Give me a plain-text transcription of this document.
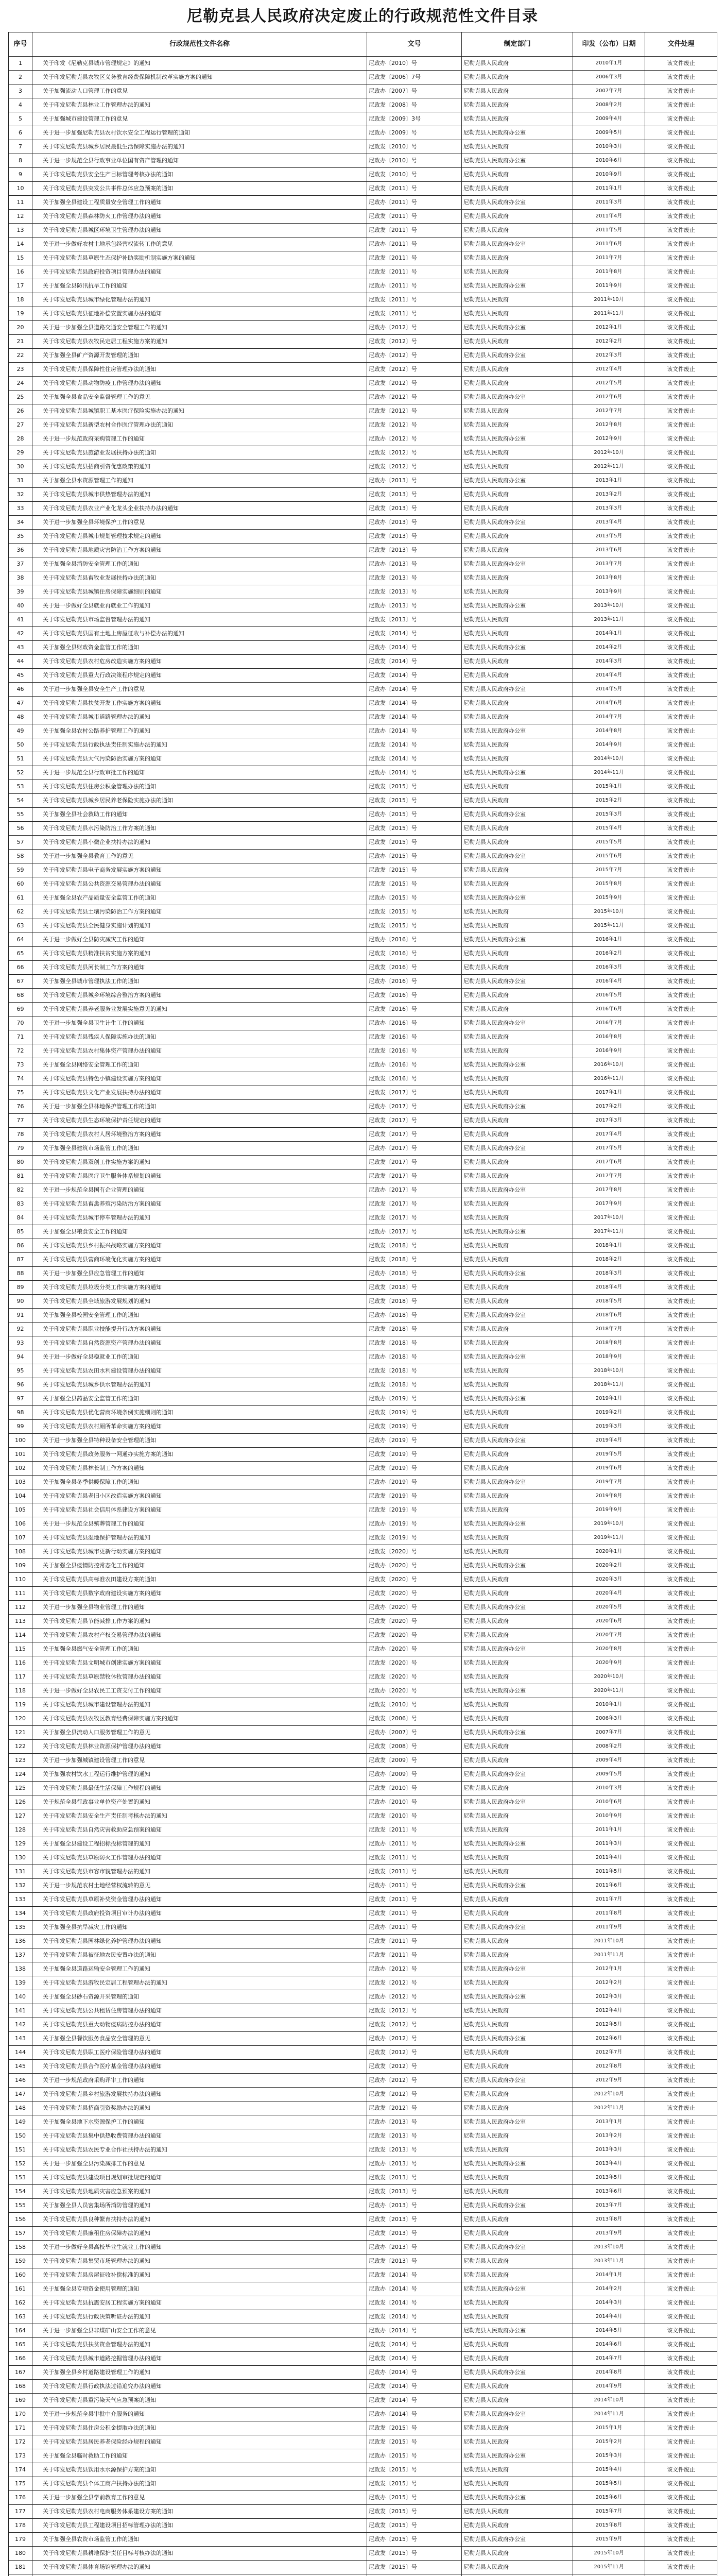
尼勒克县人民政府决定废止的行政规范性文件目录
序号	行政规范性文件名称	文号	制定部门	印发（公布）日期	文件处理
1	关于印发《尼勒克县城市管理规定》的通知	尼政办〔2010〕号	尼勒克县人民政府	2010年1月	该文件废止
2	关于印发尼勒克县农牧区义务教育经费保障机制改革实施方案的通知	尼政发〔2006〕7号	尼勒克县人民政府	2006年3月	该文件废止
3	关于加强流动人口管理工作的意见	尼政办〔2007〕号	尼勒克县人民政府	2007年7月	该文件废止
4	关于印发尼勒克县林业工作管理办法的通知	尼政发〔2008〕号	尼勒克县人民政府	2008年2月	该文件废止
5	关于加强城市建设管理工作的意见	尼政发〔2009〕3号	尼勒克县人民政府	2009年4月	该文件废止
6	关于进一步加强尼勒克县农村饮水安全工程运行管理的通知	尼政办〔2009〕号	尼勒克县人民政府办公室	2009年5月	该文件废止
7	关于印发尼勒克县城乡居民最低生活保障实施办法的通知	尼政发〔2010〕号	尼勒克县人民政府	2010年3月	该文件废止
8	关于进一步规范全县行政事业单位国有资产管理的通知	尼政办〔2010〕号	尼勒克县人民政府办公室	2010年6月	该文件废止
9	关于印发尼勒克县安全生产目标管理考核办法的通知	尼政发〔2010〕号	尼勒克县人民政府	2010年9月	该文件废止
10	关于印发尼勒克县突发公共事件总体应急预案的通知	尼政发〔2011〕号	尼勒克县人民政府	2011年1月	该文件废止
11	关于加强全县建设工程质量安全管理工作的通知	尼政办〔2011〕号	尼勒克县人民政府办公室	2011年3月	该文件废止
12	关于印发尼勒克县森林防火工作管理办法的通知	尼政发〔2011〕号	尼勒克县人民政府	2011年4月	该文件废止
13	关于印发尼勒克县城区环境卫生管理办法的通知	尼政发〔2011〕号	尼勒克县人民政府	2011年5月	该文件废止
14	关于进一步做好农村土地承包经营权流转工作的意见	尼政办〔2011〕号	尼勒克县人民政府办公室	2011年6月	该文件废止
15	关于印发尼勒克县草原生态保护补助奖励机制实施方案的通知	尼政发〔2011〕号	尼勒克县人民政府	2011年7月	该文件废止
16	关于印发尼勒克县政府投资项目管理办法的通知	尼政发〔2011〕号	尼勒克县人民政府	2011年8月	该文件废止
17	关于加强全县防汛抗旱工作的通知	尼政办〔2011〕号	尼勒克县人民政府办公室	2011年9月	该文件废止
18	关于印发尼勒克县城市绿化管理办法的通知	尼政发〔2011〕号	尼勒克县人民政府	2011年10月	该文件废止
19	关于印发尼勒克县征地补偿安置实施办法的通知	尼政发〔2011〕号	尼勒克县人民政府	2011年11月	该文件废止
20	关于进一步加强全县道路交通安全管理工作的通知	尼政办〔2012〕号	尼勒克县人民政府办公室	2012年1月	该文件废止
21	关于印发尼勒克县农牧民定居工程实施方案的通知	尼政发〔2012〕号	尼勒克县人民政府	2012年2月	该文件废止
22	关于加强全县矿产资源开发管理的通知	尼政办〔2012〕号	尼勒克县人民政府办公室	2012年3月	该文件废止
23	关于印发尼勒克县保障性住房管理办法的通知	尼政发〔2012〕号	尼勒克县人民政府	2012年4月	该文件废止
24	关于印发尼勒克县动物防疫工作管理办法的通知	尼政发〔2012〕号	尼勒克县人民政府	2012年5月	该文件废止
25	关于加强全县食品安全监督管理工作的意见	尼政办〔2012〕号	尼勒克县人民政府办公室	2012年6月	该文件废止
26	关于印发尼勒克县城镇职工基本医疗保险实施办法的通知	尼政发〔2012〕号	尼勒克县人民政府	2012年7月	该文件废止
27	关于印发尼勒克县新型农村合作医疗管理办法的通知	尼政发〔2012〕号	尼勒克县人民政府	2012年8月	该文件废止
28	关于进一步规范政府采购管理工作的通知	尼政办〔2012〕号	尼勒克县人民政府办公室	2012年9月	该文件废止
29	关于印发尼勒克县旅游业发展扶持办法的通知	尼政发〔2012〕号	尼勒克县人民政府	2012年10月	该文件废止
30	关于印发尼勒克县招商引资优惠政策的通知	尼政发〔2012〕号	尼勒克县人民政府	2012年11月	该文件废止
31	关于加强全县水资源管理工作的通知	尼政办〔2013〕号	尼勒克县人民政府办公室	2013年1月	该文件废止
32	关于印发尼勒克县城市供热管理办法的通知	尼政发〔2013〕号	尼勒克县人民政府	2013年2月	该文件废止
33	关于印发尼勒克县农业产业化龙头企业扶持办法的通知	尼政发〔2013〕号	尼勒克县人民政府	2013年3月	该文件废止
34	关于进一步加强全县环境保护工作的意见	尼政办〔2013〕号	尼勒克县人民政府办公室	2013年4月	该文件废止
35	关于印发尼勒克县城市规划管理技术规定的通知	尼政发〔2013〕号	尼勒克县人民政府	2013年5月	该文件废止
36	关于印发尼勒克县地质灾害防治工作方案的通知	尼政发〔2013〕号	尼勒克县人民政府	2013年6月	该文件废止
37	关于加强全县消防安全管理工作的通知	尼政办〔2013〕号	尼勒克县人民政府办公室	2013年7月	该文件废止
38	关于印发尼勒克县畜牧业发展扶持办法的通知	尼政发〔2013〕号	尼勒克县人民政府	2013年8月	该文件废止
39	关于印发尼勒克县城镇住房保障实施细则的通知	尼政发〔2013〕号	尼勒克县人民政府	2013年9月	该文件废止
40	关于进一步做好全县就业再就业工作的通知	尼政办〔2013〕号	尼勒克县人民政府办公室	2013年10月	该文件废止
41	关于印发尼勒克县市场监督管理办法的通知	尼政发〔2013〕号	尼勒克县人民政府	2013年11月	该文件废止
42	关于印发尼勒克县国有土地上房屋征收与补偿办法的通知	尼政发〔2014〕号	尼勒克县人民政府	2014年1月	该文件废止
43	关于加强全县财政资金监管工作的通知	尼政办〔2014〕号	尼勒克县人民政府办公室	2014年2月	该文件废止
44	关于印发尼勒克县农村危房改造实施方案的通知	尼政发〔2014〕号	尼勒克县人民政府	2014年3月	该文件废止
45	关于印发尼勒克县重大行政决策程序规定的通知	尼政发〔2014〕号	尼勒克县人民政府	2014年4月	该文件废止
46	关于进一步加强全县安全生产工作的意见	尼政办〔2014〕号	尼勒克县人民政府办公室	2014年5月	该文件废止
47	关于印发尼勒克县扶贫开发工作实施方案的通知	尼政发〔2014〕号	尼勒克县人民政府	2014年6月	该文件废止
48	关于印发尼勒克县城市道路管理办法的通知	尼政发〔2014〕号	尼勒克县人民政府	2014年7月	该文件废止
49	关于加强全县农村公路养护管理工作的通知	尼政办〔2014〕号	尼勒克县人民政府办公室	2014年8月	该文件废止
50	关于印发尼勒克县行政执法责任制实施办法的通知	尼政发〔2014〕号	尼勒克县人民政府	2014年9月	该文件废止
51	关于印发尼勒克县大气污染防治实施方案的通知	尼政发〔2014〕号	尼勒克县人民政府	2014年10月	该文件废止
52	关于进一步规范全县行政审批工作的通知	尼政办〔2014〕号	尼勒克县人民政府办公室	2014年11月	该文件废止
53	关于印发尼勒克县住房公积金管理办法的通知	尼政发〔2015〕号	尼勒克县人民政府	2015年1月	该文件废止
54	关于印发尼勒克县城乡居民养老保险实施办法的通知	尼政发〔2015〕号	尼勒克县人民政府	2015年2月	该文件废止
55	关于加强全县社会救助工作的通知	尼政办〔2015〕号	尼勒克县人民政府办公室	2015年3月	该文件废止
56	关于印发尼勒克县水污染防治工作方案的通知	尼政发〔2015〕号	尼勒克县人民政府	2015年4月	该文件废止
57	关于印发尼勒克县小微企业扶持办法的通知	尼政发〔2015〕号	尼勒克县人民政府	2015年5月	该文件废止
58	关于进一步加强全县教育工作的意见	尼政办〔2015〕号	尼勒克县人民政府办公室	2015年6月	该文件废止
59	关于印发尼勒克县电子商务发展实施方案的通知	尼政发〔2015〕号	尼勒克县人民政府	2015年7月	该文件废止
60	关于印发尼勒克县公共资源交易管理办法的通知	尼政发〔2015〕号	尼勒克县人民政府	2015年8月	该文件废止
61	关于加强全县农产品质量安全监管工作的通知	尼政办〔2015〕号	尼勒克县人民政府办公室	2015年9月	该文件废止
62	关于印发尼勒克县土壤污染防治工作方案的通知	尼政发〔2015〕号	尼勒克县人民政府	2015年10月	该文件废止
63	关于印发尼勒克县全民健身实施计划的通知	尼政发〔2015〕号	尼勒克县人民政府	2015年11月	该文件废止
64	关于进一步做好全县防灾减灾工作的通知	尼政办〔2016〕号	尼勒克县人民政府办公室	2016年1月	该文件废止
65	关于印发尼勒克县精准扶贫实施方案的通知	尼政发〔2016〕号	尼勒克县人民政府	2016年2月	该文件废止
66	关于印发尼勒克县河长制工作方案的通知	尼政发〔2016〕号	尼勒克县人民政府	2016年3月	该文件废止
67	关于加强全县城市管理执法工作的通知	尼政办〔2016〕号	尼勒克县人民政府办公室	2016年4月	该文件废止
68	关于印发尼勒克县城乡环境综合整治方案的通知	尼政发〔2016〕号	尼勒克县人民政府	2016年5月	该文件废止
69	关于印发尼勒克县养老服务业发展实施意见的通知	尼政发〔2016〕号	尼勒克县人民政府	2016年6月	该文件废止
70	关于进一步加强全县卫生计生工作的通知	尼政办〔2016〕号	尼勒克县人民政府办公室	2016年7月	该文件废止
71	关于印发尼勒克县残疾人保障实施办法的通知	尼政发〔2016〕号	尼勒克县人民政府	2016年8月	该文件废止
72	关于印发尼勒克县农村集体资产管理办法的通知	尼政发〔2016〕号	尼勒克县人民政府	2016年9月	该文件废止
73	关于加强全县网络安全管理工作的通知	尼政办〔2016〕号	尼勒克县人民政府办公室	2016年10月	该文件废止
74	关于印发尼勒克县特色小镇建设实施方案的通知	尼政发〔2016〕号	尼勒克县人民政府	2016年11月	该文件废止
75	关于印发尼勒克县文化产业发展扶持办法的通知	尼政发〔2017〕号	尼勒克县人民政府	2017年1月	该文件废止
76	关于进一步加强全县林地保护管理工作的通知	尼政办〔2017〕号	尼勒克县人民政府办公室	2017年2月	该文件废止
77	关于印发尼勒克县生态环境保护责任规定的通知	尼政发〔2017〕号	尼勒克县人民政府	2017年3月	该文件废止
78	关于印发尼勒克县农村人居环境整治方案的通知	尼政发〔2017〕号	尼勒克县人民政府	2017年4月	该文件废止
79	关于加强全县建筑市场监管工作的通知	尼政办〔2017〕号	尼勒克县人民政府办公室	2017年5月	该文件废止
80	关于印发尼勒克县双创工作实施方案的通知	尼政发〔2017〕号	尼勒克县人民政府	2017年6月	该文件废止
81	关于印发尼勒克县医疗卫生服务体系规划的通知	尼政发〔2017〕号	尼勒克县人民政府	2017年7月	该文件废止
82	关于进一步规范全县国有企业管理的通知	尼政办〔2017〕号	尼勒克县人民政府办公室	2017年8月	该文件废止
83	关于印发尼勒克县畜禽养殖污染防治方案的通知	尼政发〔2017〕号	尼勒克县人民政府	2017年9月	该文件废止
84	关于印发尼勒克县城市停车管理办法的通知	尼政发〔2017〕号	尼勒克县人民政府	2017年10月	该文件废止
85	关于加强全县粮食安全工作的通知	尼政办〔2017〕号	尼勒克县人民政府办公室	2017年11月	该文件废止
86	关于印发尼勒克县乡村振兴战略实施方案的通知	尼政发〔2018〕号	尼勒克县人民政府	2018年1月	该文件废止
87	关于印发尼勒克县营商环境优化实施方案的通知	尼政发〔2018〕号	尼勒克县人民政府	2018年2月	该文件废止
88	关于进一步加强全县应急管理工作的通知	尼政办〔2018〕号	尼勒克县人民政府办公室	2018年3月	该文件废止
89	关于印发尼勒克县垃圾分类工作实施方案的通知	尼政发〔2018〕号	尼勒克县人民政府	2018年4月	该文件废止
90	关于印发尼勒克县全域旅游发展规划的通知	尼政发〔2018〕号	尼勒克县人民政府	2018年5月	该文件废止
91	关于加强全县校园安全管理工作的通知	尼政办〔2018〕号	尼勒克县人民政府办公室	2018年6月	该文件废止
92	关于印发尼勒克县职业技能提升行动方案的通知	尼政发〔2018〕号	尼勒克县人民政府	2018年7月	该文件废止
93	关于印发尼勒克县自然资源资产管理办法的通知	尼政发〔2018〕号	尼勒克县人民政府	2018年8月	该文件废止
94	关于进一步做好全县稳就业工作的通知	尼政办〔2018〕号	尼勒克县人民政府办公室	2018年9月	该文件废止
95	关于印发尼勒克县农田水利建设管理办法的通知	尼政发〔2018〕号	尼勒克县人民政府	2018年10月	该文件废止
96	关于印发尼勒克县城乡供水管理办法的通知	尼政发〔2018〕号	尼勒克县人民政府	2018年11月	该文件废止
97	关于加强全县药品安全监管工作的通知	尼政办〔2019〕号	尼勒克县人民政府办公室	2019年1月	该文件废止
98	关于印发尼勒克县优化营商环境条例实施细则的通知	尼政发〔2019〕号	尼勒克县人民政府	2019年2月	该文件废止
99	关于印发尼勒克县农村厕所革命实施方案的通知	尼政发〔2019〕号	尼勒克县人民政府	2019年3月	该文件废止
100	关于进一步加强全县特种设备安全管理的通知	尼政办〔2019〕号	尼勒克县人民政府办公室	2019年4月	该文件废止
101	关于印发尼勒克县政务服务一网通办实施方案的通知	尼政发〔2019〕号	尼勒克县人民政府	2019年5月	该文件废止
102	关于印发尼勒克县林长制工作方案的通知	尼政发〔2019〕号	尼勒克县人民政府	2019年6月	该文件废止
103	关于加强全县冬季供暖保障工作的通知	尼政办〔2019〕号	尼勒克县人民政府办公室	2019年7月	该文件废止
104	关于印发尼勒克县老旧小区改造实施方案的通知	尼政发〔2019〕号	尼勒克县人民政府	2019年8月	该文件废止
105	关于印发尼勒克县社会信用体系建设方案的通知	尼政发〔2019〕号	尼勒克县人民政府	2019年9月	该文件废止
106	关于进一步规范全县殡葬管理工作的通知	尼政办〔2019〕号	尼勒克县人民政府办公室	2019年10月	该文件废止
107	关于印发尼勒克县湿地保护管理办法的通知	尼政发〔2019〕号	尼勒克县人民政府	2019年11月	该文件废止
108	关于印发尼勒克县城市更新行动实施方案的通知	尼政发〔2020〕号	尼勒克县人民政府	2020年1月	该文件废止
109	关于加强全县疫情防控常态化工作的通知	尼政办〔2020〕号	尼勒克县人民政府办公室	2020年2月	该文件废止
110	关于印发尼勒克县高标准农田建设方案的通知	尼政发〔2020〕号	尼勒克县人民政府	2020年3月	该文件废止
111	关于印发尼勒克县数字政府建设实施方案的通知	尼政发〔2020〕号	尼勒克县人民政府	2020年4月	该文件废止
112	关于进一步加强全县物业管理工作的通知	尼政办〔2020〕号	尼勒克县人民政府办公室	2020年5月	该文件废止
113	关于印发尼勒克县节能减排工作方案的通知	尼政发〔2020〕号	尼勒克县人民政府	2020年6月	该文件废止
114	关于印发尼勒克县农村产权交易管理办法的通知	尼政发〔2020〕号	尼勒克县人民政府	2020年7月	该文件废止
115	关于加强全县燃气安全管理工作的通知	尼政办〔2020〕号	尼勒克县人民政府办公室	2020年8月	该文件废止
116	关于印发尼勒克县文明城市创建实施方案的通知	尼政发〔2020〕号	尼勒克县人民政府	2020年9月	该文件废止
117	关于印发尼勒克县草原禁牧休牧管理办法的通知	尼政发〔2020〕号	尼勒克县人民政府	2020年10月	该文件废止
118	关于进一步做好全县农民工工资支付工作的通知	尼政办〔2020〕号	尼勒克县人民政府办公室	2020年11月	该文件废止
119	关于印发尼勒克县城市建设管理办法的通知	尼政发〔2010〕号	尼勒克县人民政府	2010年1月	该文件废止
120	关于印发尼勒克县农牧区教育经费保障实施方案的通知	尼政发〔2006〕号	尼勒克县人民政府	2006年3月	该文件废止
121	关于加强全县流动人口服务管理工作的意见	尼政办〔2007〕号	尼勒克县人民政府办公室	2007年7月	该文件废止
122	关于印发尼勒克县林业资源保护管理办法的通知	尼政发〔2008〕号	尼勒克县人民政府	2008年2月	该文件废止
123	关于进一步加强城镇建设管理工作的意见	尼政发〔2009〕号	尼勒克县人民政府	2009年4月	该文件废止
124	关于加强农村饮水工程运行维护管理的通知	尼政办〔2009〕号	尼勒克县人民政府办公室	2009年5月	该文件废止
125	关于印发尼勒克县最低生活保障工作规程的通知	尼政发〔2010〕号	尼勒克县人民政府	2010年3月	该文件废止
126	关于规范全县行政事业单位资产处置的通知	尼政办〔2010〕号	尼勒克县人民政府办公室	2010年6月	该文件废止
127	关于印发尼勒克县安全生产责任制考核办法的通知	尼政发〔2010〕号	尼勒克县人民政府	2010年9月	该文件废止
128	关于印发尼勒克县自然灾害救助应急预案的通知	尼政发〔2011〕号	尼勒克县人民政府	2011年1月	该文件废止
129	关于加强全县建设工程招标投标管理的通知	尼政办〔2011〕号	尼勒克县人民政府办公室	2011年3月	该文件废止
130	关于印发尼勒克县草原防火工作管理办法的通知	尼政发〔2011〕号	尼勒克县人民政府	2011年4月	该文件废止
131	关于印发尼勒克县市容市貌管理办法的通知	尼政发〔2011〕号	尼勒克县人民政府	2011年5月	该文件废止
132	关于进一步规范农村土地经营权流转的意见	尼政办〔2011〕号	尼勒克县人民政府办公室	2011年6月	该文件废止
133	关于印发尼勒克县草原补奖资金管理办法的通知	尼政发〔2011〕号	尼勒克县人民政府	2011年7月	该文件废止
134	关于印发尼勒克县政府投资项目审计办法的通知	尼政发〔2011〕号	尼勒克县人民政府	2011年8月	该文件废止
135	关于加强全县抗旱减灾工作的通知	尼政办〔2011〕号	尼勒克县人民政府办公室	2011年9月	该文件废止
136	关于印发尼勒克县园林绿化养护管理办法的通知	尼政发〔2011〕号	尼勒克县人民政府	2011年10月	该文件废止
137	关于印发尼勒克县被征地农民安置办法的通知	尼政发〔2011〕号	尼勒克县人民政府	2011年11月	该文件废止
138	关于加强全县道路运输安全管理工作的通知	尼政办〔2012〕号	尼勒克县人民政府办公室	2012年1月	该文件废止
139	关于印发尼勒克县游牧民定居工程管理办法的通知	尼政发〔2012〕号	尼勒克县人民政府	2012年2月	该文件废止
140	关于加强全县砂石资源开采管理的通知	尼政办〔2012〕号	尼勒克县人民政府办公室	2012年3月	该文件废止
141	关于印发尼勒克县公共租赁住房管理办法的通知	尼政发〔2012〕号	尼勒克县人民政府	2012年4月	该文件废止
142	关于印发尼勒克县重大动物疫病防控办法的通知	尼政发〔2012〕号	尼勒克县人民政府	2012年5月	该文件废止
143	关于加强全县餐饮服务食品安全管理的意见	尼政办〔2012〕号	尼勒克县人民政府办公室	2012年6月	该文件废止
144	关于印发尼勒克县职工医疗保险管理办法的通知	尼政发〔2012〕号	尼勒克县人民政府	2012年7月	该文件废止
145	关于印发尼勒克县合作医疗基金管理办法的通知	尼政发〔2012〕号	尼勒克县人民政府	2012年8月	该文件废止
146	关于进一步规范政府采购评审工作的通知	尼政办〔2012〕号	尼勒克县人民政府办公室	2012年9月	该文件废止
147	关于印发尼勒克县乡村旅游发展扶持办法的通知	尼政发〔2012〕号	尼勒克县人民政府	2012年10月	该文件废止
148	关于印发尼勒克县招商引资奖励办法的通知	尼政发〔2012〕号	尼勒克县人民政府	2012年11月	该文件废止
149	关于加强全县地下水资源保护工作的通知	尼政办〔2013〕号	尼勒克县人民政府办公室	2013年1月	该文件废止
150	关于印发尼勒克县集中供热收费管理办法的通知	尼政发〔2013〕号	尼勒克县人民政府	2013年2月	该文件废止
151	关于印发尼勒克县农民专业合作社扶持办法的通知	尼政发〔2013〕号	尼勒克县人民政府	2013年3月	该文件废止
152	关于进一步加强全县污染减排工作的意见	尼政办〔2013〕号	尼勒克县人民政府办公室	2013年4月	该文件废止
153	关于印发尼勒克县建设项目规划审批规定的通知	尼政发〔2013〕号	尼勒克县人民政府	2013年5月	该文件废止
154	关于印发尼勒克县地质灾害应急预案的通知	尼政发〔2013〕号	尼勒克县人民政府	2013年6月	该文件废止
155	关于加强全县人员密集场所消防管理的通知	尼政办〔2013〕号	尼勒克县人民政府办公室	2013年7月	该文件废止
156	关于印发尼勒克县良种繁育扶持办法的通知	尼政发〔2013〕号	尼勒克县人民政府	2013年8月	该文件废止
157	关于印发尼勒克县廉租住房保障办法的通知	尼政发〔2013〕号	尼勒克县人民政府	2013年9月	该文件废止
158	关于进一步做好全县高校毕业生就业工作的通知	尼政办〔2013〕号	尼勒克县人民政府办公室	2013年10月	该文件废止
159	关于印发尼勒克县集贸市场管理办法的通知	尼政发〔2013〕号	尼勒克县人民政府	2013年11月	该文件废止
160	关于印发尼勒克县房屋征收补偿标准的通知	尼政发〔2014〕号	尼勒克县人民政府	2014年1月	该文件废止
161	关于加强全县专项资金使用管理的通知	尼政办〔2014〕号	尼勒克县人民政府办公室	2014年2月	该文件废止
162	关于印发尼勒克县抗震安居工程实施方案的通知	尼政发〔2014〕号	尼勒克县人民政府	2014年3月	该文件废止
163	关于印发尼勒克县行政决策听证办法的通知	尼政发〔2014〕号	尼勒克县人民政府	2014年4月	该文件废止
164	关于进一步加强全县非煤矿山安全工作的意见	尼政办〔2014〕号	尼勒克县人民政府办公室	2014年5月	该文件废止
165	关于印发尼勒克县扶贫资金管理办法的通知	尼政发〔2014〕号	尼勒克县人民政府	2014年6月	该文件废止
166	关于印发尼勒克县城市道路挖掘管理办法的通知	尼政发〔2014〕号	尼勒克县人民政府	2014年7月	该文件废止
167	关于加强全县乡村道路建设管理工作的通知	尼政办〔2014〕号	尼勒克县人民政府办公室	2014年8月	该文件废止
168	关于印发尼勒克县行政执法过错追究办法的通知	尼政发〔2014〕号	尼勒克县人民政府	2014年9月	该文件废止
169	关于印发尼勒克县重污染天气应急预案的通知	尼政发〔2014〕号	尼勒克县人民政府	2014年10月	该文件废止
170	关于进一步规范全县审批中介服务的通知	尼政办〔2014〕号	尼勒克县人民政府办公室	2014年11月	该文件废止
171	关于印发尼勒克县住房公积金提取办法的通知	尼政发〔2015〕号	尼勒克县人民政府	2015年1月	该文件废止
172	关于印发尼勒克县居民养老保险经办规程的通知	尼政发〔2015〕号	尼勒克县人民政府	2015年2月	该文件废止
173	关于加强全县临时救助工作的通知	尼政办〔2015〕号	尼勒克县人民政府办公室	2015年3月	该文件废止
174	关于印发尼勒克县饮用水水源保护方案的通知	尼政发〔2015〕号	尼勒克县人民政府	2015年4月	该文件废止
175	关于印发尼勒克县个体工商户扶持办法的通知	尼政发〔2015〕号	尼勒克县人民政府	2015年5月	该文件废止
176	关于进一步加强全县学前教育工作的意见	尼政办〔2015〕号	尼勒克县人民政府办公室	2015年6月	该文件废止
177	关于印发尼勒克县农村电商服务体系建设方案的通知	尼政发〔2015〕号	尼勒克县人民政府	2015年7月	该文件废止
178	关于印发尼勒克县工程建设项目招标管理办法的通知	尼政发〔2015〕号	尼勒克县人民政府	2015年8月	该文件废止
179	关于加强全县农资市场监管工作的通知	尼政办〔2015〕号	尼勒克县人民政府办公室	2015年9月	该文件废止
180	关于印发尼勒克县耕地保护责任目标考核办法的通知	尼政发〔2015〕号	尼勒克县人民政府	2015年10月	该文件废止
181	关于印发尼勒克县体育场馆管理办法的通知	尼政发〔2015〕号	尼勒克县人民政府	2015年11月	该文件废止
